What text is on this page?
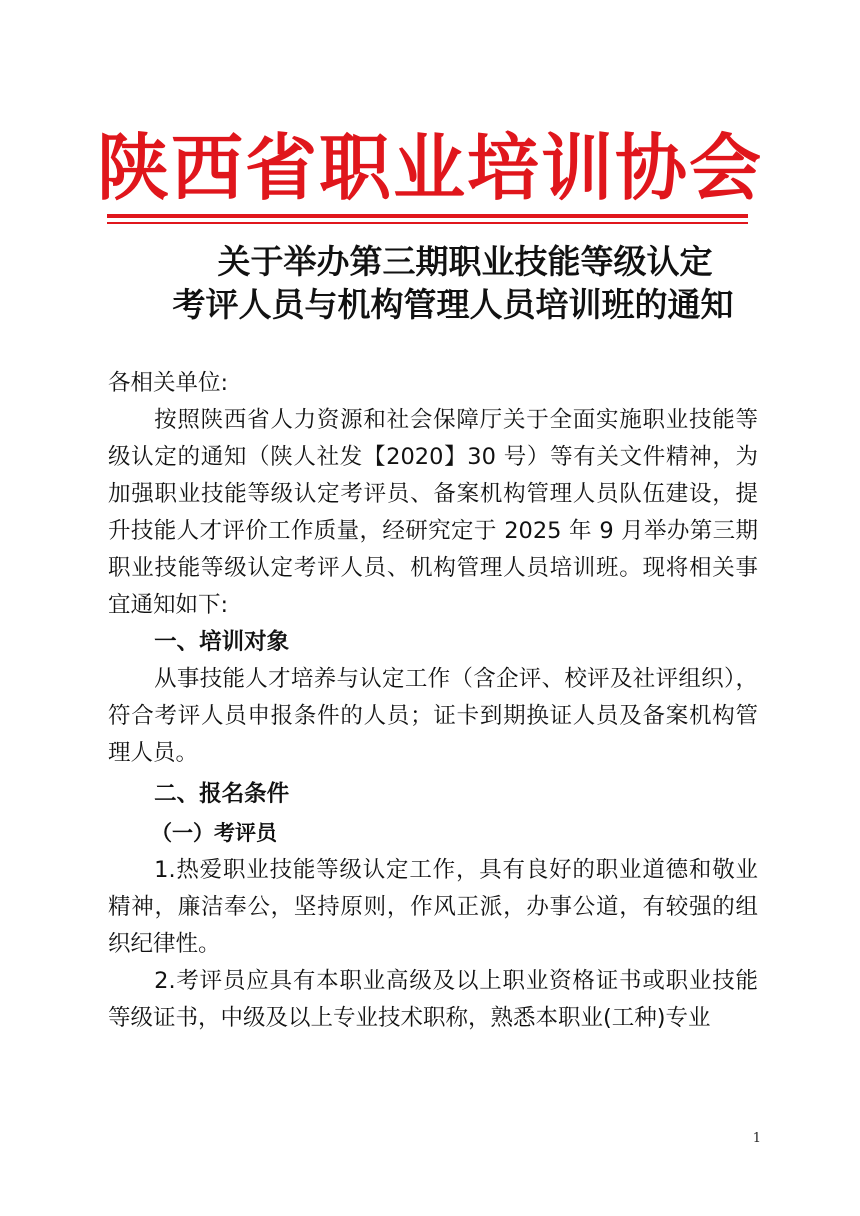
陕西省职业培训协会
关于举办第三期职业技能等级认定
考评人员与机构管理人员培训班的通知
各相关单位:

按照陕西省人力资源和社会保障厅关于全面实施职业技能等级认定的通知（陕人社发【2020】30 号）等有关文件精神，为加强职业技能等级认定考评员、备案机构管理人员队伍建设，提升技能人才评价工作质量，经研究定于 2025 年 9 月举办第三期职业技能等级认定考评人员、机构管理人员培训班。现将相关事宜通知如下:

一、培训对象

从事技能人才培养与认定工作（含企评、校评及社评组织），符合考评人员申报条件的人员；证卡到期换证人员及备案机构管理人员。

二、报名条件

（一）考评员

1.热爱职业技能等级认定工作，具有良好的职业道德和敬业精神，廉洁奉公，坚持原则，作风正派，办事公道，有较强的组织纪律性。

2.考评员应具有本职业高级及以上职业资格证书或职业技能等级证书，中级及以上专业技术职称，熟悉本职业(工种)专业

1
